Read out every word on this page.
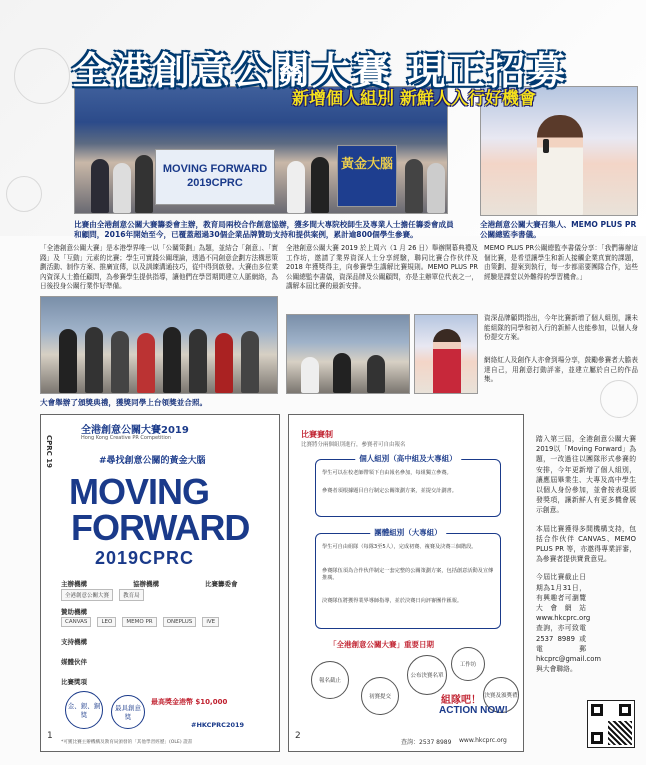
MOVING FORWARD 2019CPRC
黃金大腦
全港創意公關大賽 現正招募
新增個人組別 新鮮人入行好機會
比賽由全港創意公關大賽籌委會主辦，教育局兩校合作創意協辦，獲多間大專院校師生及專業人士擔任籌委會成員和顧問，2016年開始至今，已覆蓋超過30個企業品牌贊助支持和提供案例，累計逾800個學生參賽。
全港創意公關大賽召集人、MEMO PLUS PR公關總監李書儀。
「全港創意公關大賽」是本港學界唯一以「公關策劃」為題，並結合「創意」、「實踐」及「互動」元素的比賽；學生可實踐公關理論，透過不同創意企劃方法構思策劃活動、制作方案、推廣宣傳，以及訓練溝通技巧，從中得到啟發。大賽由多位業內資深人士擔任顧問，為參賽學生提供指導，讓他們在學習期間建立人脈網絡，為日後投身公關行業作好準備。
全港創意公關大賽 2019 於上周六（1 月 26 日）舉辦開幕典禮及工作坊，邀請了業界資深人士分享經驗，聯同比賽合作伙伴及 2018 年獲獎得主，向參賽學生講解比賽規則。MEMO PLUS PR公關總監李書儀，資深品牌及公關顧問，亦是主辦單位代表之一，講解本屆比賽的最新安排。
MEMO PLUS PR公關總監李書儀分享：「我們籌辦這個比賽，是希望讓學生和新人接觸企業真實的課題，由策劃、提案到執行，每一步都需要團隊合作，這些經驗是課堂以外難得的學習機會。」
大會舉辦了頒獎典禮，獲獎同學上台領獎並合照。
資深品牌顧問指出，今年比賽新增了個人組別，讓未能組隊的同學和初入行的新鮮人也能參加，以個人身份提交方案。
網絡紅人及創作人亦會到場分享，鼓勵參賽者大膽表達自己，用創意打動評審，並建立屬於自己的作品集。
全港創意公關大賽2019
Hong Kong Creative PR Competition
#尋找創意公關的黃金大腦
MOVING
FORWARD
2019CPRC
CPRC 19
主辦機構
全港創意公關大賽	教育局
協辦機構	比賽籌委會
贊助機構
CANVAS	LEO	MEMO PR	ONEPLUS	iVE
支持機構
媒體伙伴
比賽獎項
金、銀、銅獎
最具創意獎
最高獎金港幣 $10,000
#HKCPRC2019
*可獲比賽主辦機構及教育局頒發的「其他學習經歷」(OLE) 證書
1
比賽賽制
比賽將分兩個組別進行，參賽者可自由報名
個人組別（高中組及大專組）
學生可以在校老師帶領下自由報名參加，每組獨立參賽。
參賽者須根據題目自行制定公關策劃方案，並提交計劃書。
團體組別（大專組）
學生可自由組隊（每隊3至5人），完成初賽、複賽及決賽三個階段。
參賽隊伍須為合作伙伴制定一套完整的公關策劃方案，包括創意活動及宣傳推廣。
決賽隊伍將獲得業界導師指導，並於決賽日向評審團作匯報。
「全港創意公關大賽」重要日期
報名截止
初賽提交
公布決賽名單
工作坊
決賽及頒獎禮
組隊吧！
ACTION NOW!
查詢：2537 8989 www.hkcprc.org
2

踏入第三屆，全港創意公關大賽2019以「Moving Forward」為題，一改過往以團隊形式參賽的安排，今年更新增了個人組別，讓應屆畢業生、大專及高中學生以個人身份參加，並會按表現頒發獎項，讓新鮮人有更多機會展示創意。

本屆比賽獲得多間機構支持，包括合作伙伴 CANVAS、MEMO PLUS PR 等，亦邀得專業評審，為參賽者提供寶貴意見。

今屆比賽截止日期為1月31日，有興趣者可瀏覽大會網站 www.hkcprc.org 查詢，亦可致電 2537 8989 或電郵 hkcprc@gmail.com 與大會聯絡。
